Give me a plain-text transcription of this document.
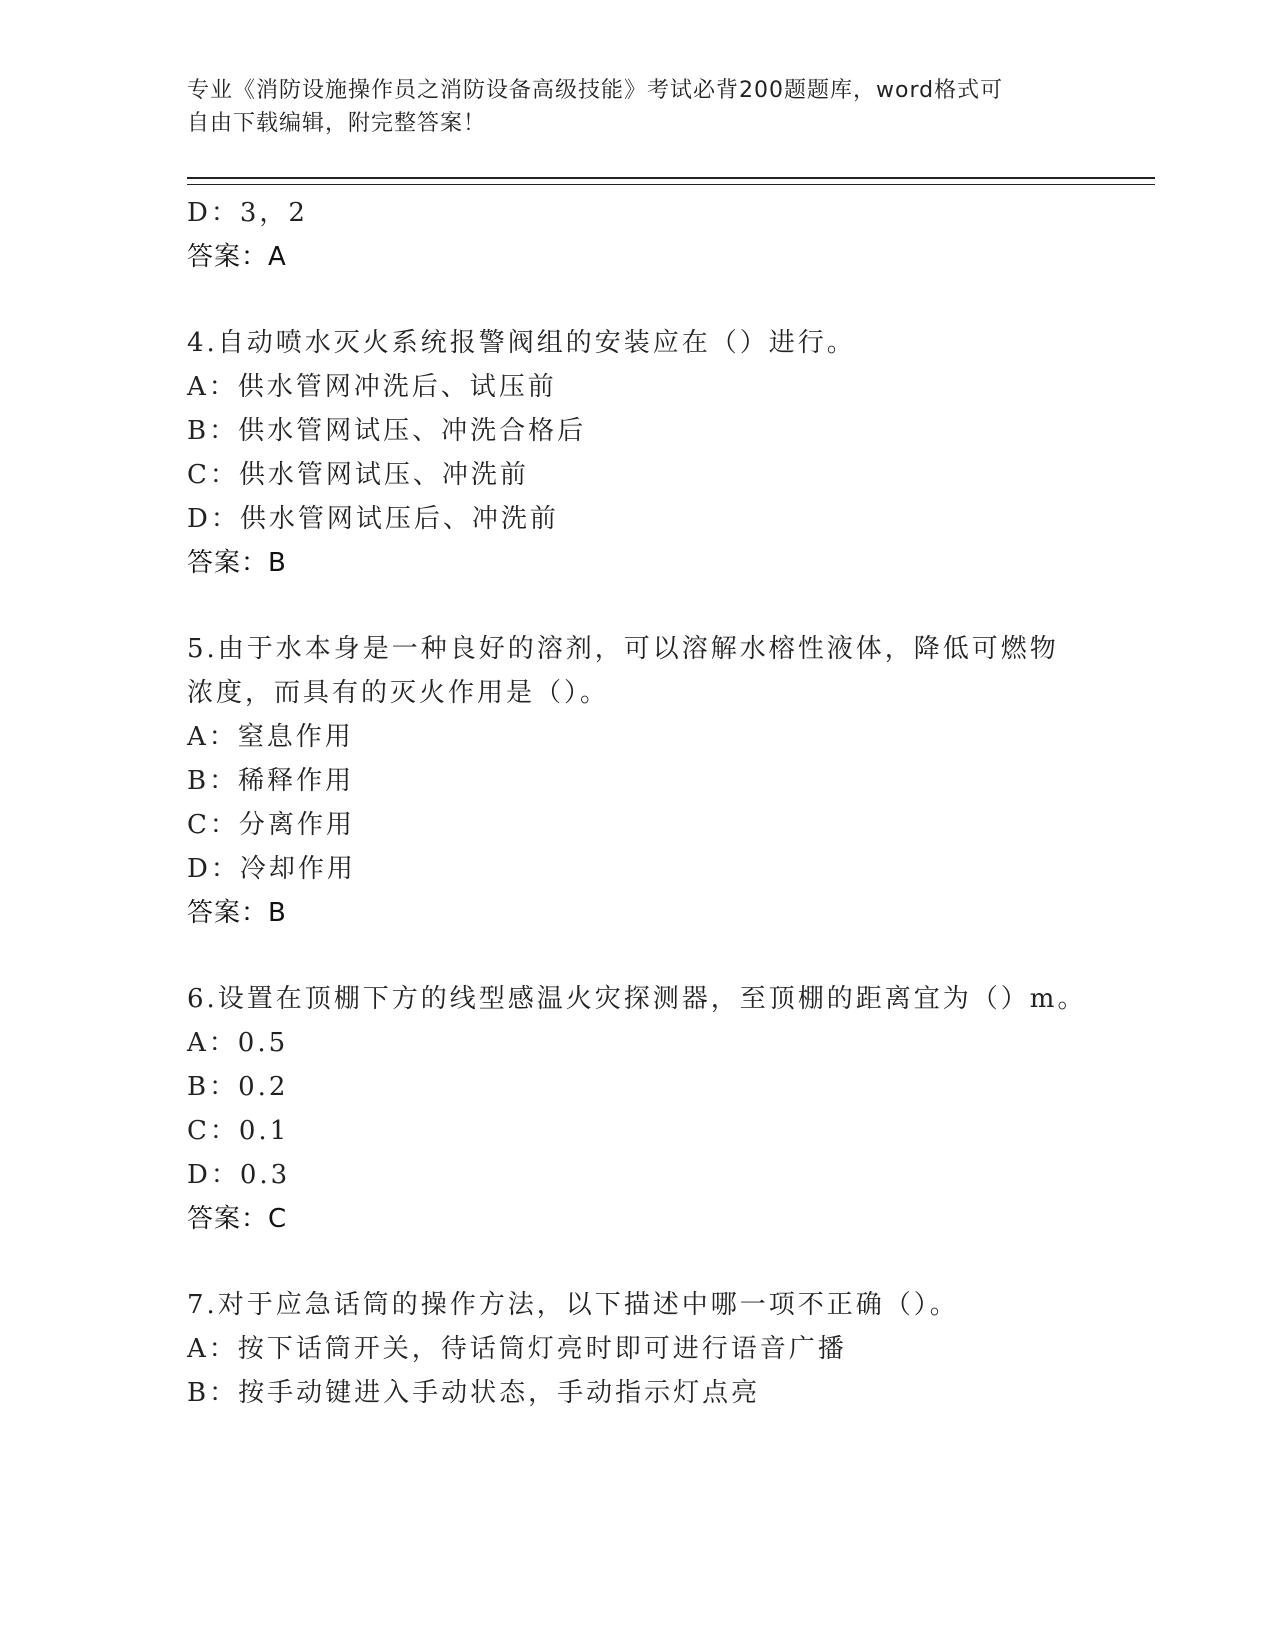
专业《消防设施操作员之消防设备高级技能》考试必背200题题库，word格式可
自由下载编辑，附完整答案！
D：3，2
答案：A
4.自动喷水灭火系统报警阀组的安装应在（）进行。
A：供水管网冲洗后、试压前
B：供水管网试压、冲洗合格后
C：供水管网试压、冲洗前
D：供水管网试压后、冲洗前
答案：B
5.由于水本身是一种良好的溶剂，可以溶解水榕性液体，降低可燃物
浓度，而具有的灭火作用是（）。
A：窒息作用
B：稀释作用
C：分离作用
D：冷却作用
答案：B
6.设置在顶棚下方的线型感温火灾探测器，至顶棚的距离宜为（）m。
A：0.5
B：0.2
C：0.1
D：0.3
答案：C
7.对于应急话筒的操作方法，以下描述中哪一项不正确（）。
A：按下话筒开关，待话筒灯亮时即可进行语音广播
B：按手动键进入手动状态，手动指示灯点亮
